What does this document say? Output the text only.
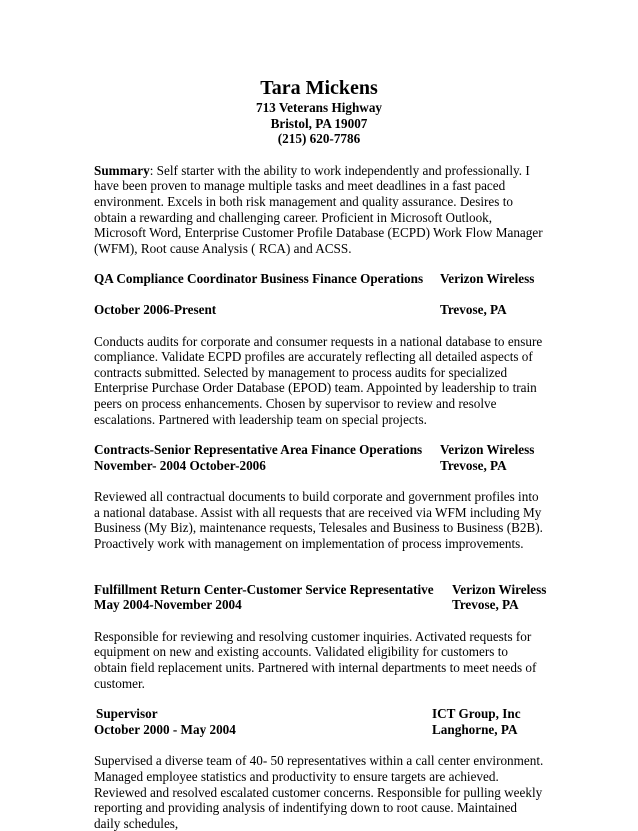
Tara Mickens
713 Veterans Highway
Bristol, PA 19007
(215) 620-7786

Summary: Self starter with the ability to work independently and professionally. I have been proven to manage multiple tasks and meet deadlines in a fast paced environment. Excels in both risk management and quality assurance. Desires to obtain a rewarding and challenging career. Proficient in Microsoft Outlook, Microsoft Word, Enterprise Customer Profile Database (ECPD) Work Flow Manager (WFM), Root cause Analysis ( RCA) and ACSS.

QA Compliance Coordinator Business Finance Operations Verizon Wireless
October 2006-Present	Trevose, PA

Conducts audits for corporate and consumer requests in a national database to ensure compliance. Validate ECPD profiles are accurately reflecting all detailed aspects of contracts submitted. Selected by management to process audits for specialized Enterprise Purchase Order Database (EPOD) team. Appointed by leadership to train peers on process enhancements. Chosen by supervisor to review and resolve escalations. Partnered with leadership team on special projects.

Contracts-Senior Representative Area Finance Operations Verizon Wireless
November- 2004 October-2006	Trevose, PA

Reviewed all contractual documents to build corporate and government profiles into a national database. Assist with all requests that are received via WFM including My Business (My Biz), maintenance requests, Telesales and Business to Business (B2B). Proactively work with management on implementation of process improvements.

Fulfillment Return Center-Customer Service Representative Verizon Wireless
May 2004-November 2004	Trevose, PA

Responsible for reviewing and resolving customer inquiries. Activated requests for equipment on new and existing accounts. Validated eligibility for customers to obtain field replacement units. Partnered with internal departments to meet needs of customer.

Supervisor	ICT Group, Inc
October 2000 - May 2004	Langhorne, PA

Supervised a diverse team of 40- 50 representatives within a call center environment. Managed employee statistics and productivity to ensure targets are achieved. Reviewed and resolved escalated customer concerns. Responsible for pulling weekly reporting and providing analysis of indentifying down to root cause. Maintained daily schedules,
